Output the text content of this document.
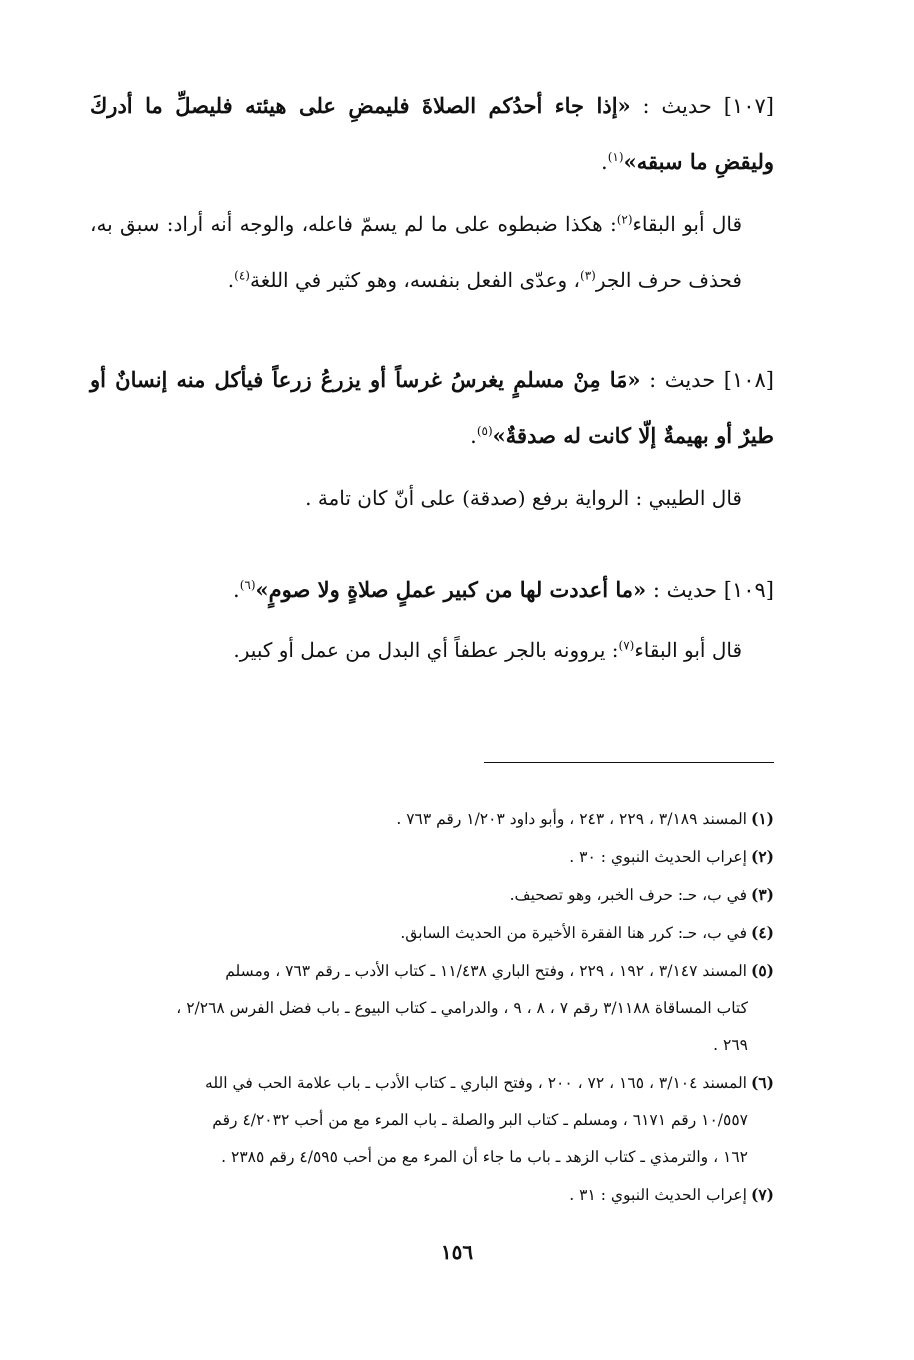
[١٠٧] حديث : «إذا جاء أحدُكم الصلاةَ فليمضِ على هيئته فليصلِّ ما أدركَ وليقضِ ما سبقه»$^{(١)}$.
قال أبو البقاء$^{(٢)}$: هكذا ضبطوه على ما لم يسمّ فاعله، والوجه أنه أراد: سبق به، فحذف حرف الجر$^{(٣)}$، وعدّى الفعل بنفسه، وهو كثير في اللغة$^{(٤)}$.
[١٠٨] حديث : «مَا مِنْ مسلمٍ يغرسُ غرساً أو يزرعُ زرعاً فيأكل منه إنسانٌ أو طيرٌ أو بهيمةٌ إلّا كانت له صدقةٌ»$^{(٥)}$.
قال الطيبي : الرواية برفع (صدقة) على أنّ كان تامة .
[١٠٩] حديث : «ما أعددت لها من كبير عملٍ صلاةٍ ولا صومٍ»$^{(٦)}$.
قال أبو البقاء$^{(٧)}$: يروونه بالجر عطفاً أي البدل من عمل أو كبير.

(١)المسند ٣/١٨٩ ، ٢٢٩ ، ٢٤٣ ، وأبو داود ١/٢٠٣ رقم ٧٦٣ .

(٢)إعراب الحديث النبوي : ٣٠ .

(٣)في ب، حـ: حرف الخبر، وهو تصحيف.

(٤)في ب، حـ: كرر هنا الفقرة الأخيرة من الحديث السابق.

(٥)المسند ٣/١٤٧ ، ١٩٢ ، ٢٢٩ ، وفتح الباري ١١/٤٣٨ ـ كتاب الأدب ـ رقم ٧٦٣ ، ومسلم

كتاب المساقاة ٣/١١٨٨ رقم ٧ ، ٨ ، ٩ ، والدرامي ـ كتاب البيوع ـ باب فضل الفرس ٢/٢٦٨ ،

٢٦٩ .

(٦)المسند ٣/١٠٤ ، ١٦٥ ، ٧٢ ، ٢٠٠ ، وفتح الباري ـ كتاب الأدب ـ باب علامة الحب في الله

١٠/٥٥٧ رقم ٦١٧١ ، ومسلم ـ كتاب البر والصلة ـ باب المرء مع من أحب ٤/٢٠٣٢ رقم

١٦٢ ، والترمذي ـ كتاب الزهد ـ باب ما جاء أن المرء مع من أحب ٤/٥٩٥ رقم ٢٣٨٥ .

(٧)إعراب الحديث النبوي : ٣١ .

١٥٦
